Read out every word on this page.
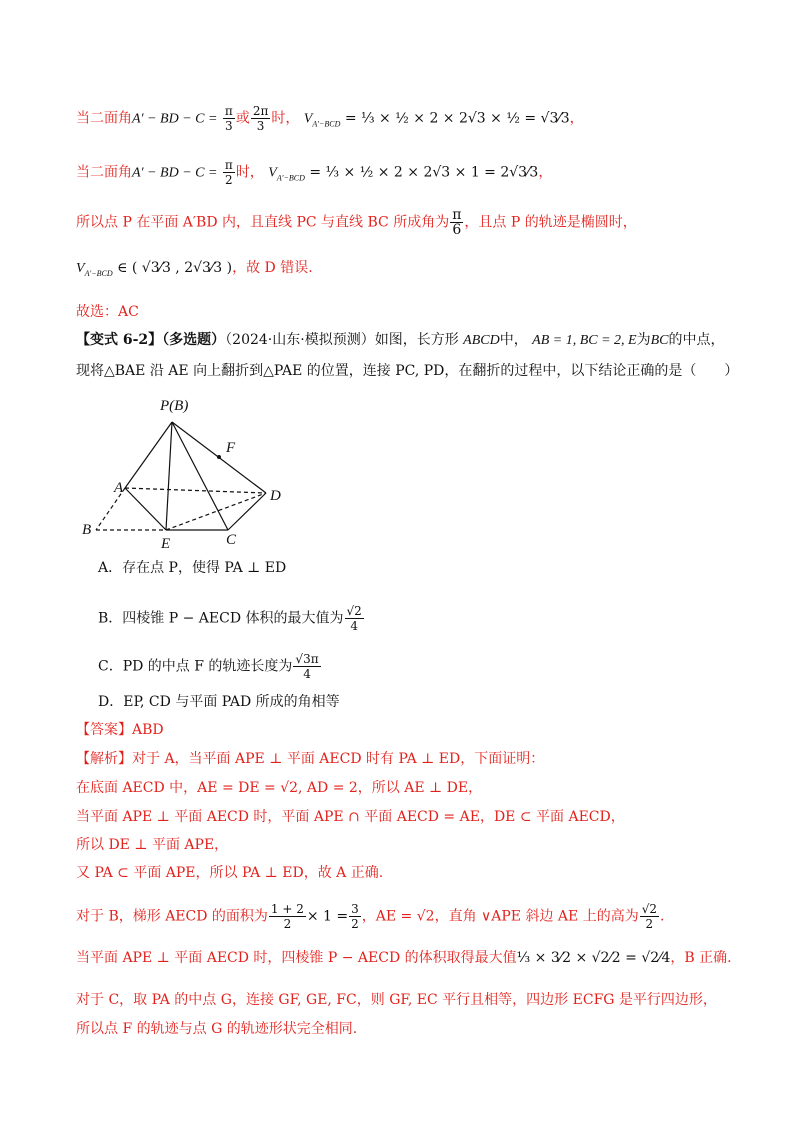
当二面角A′ − BD − $C = \frac{\pi}{3}$ 或 $\frac{2\pi}{3}$ 时， $V_{A'-BCD}$ = ⅓ × ½ × 2 × 2√3 × ½ = √3⁄3，
当二面角A′ − BD − $C = \frac{\pi}{2}$ 时， $V_{A'-BCD}$ = ⅓ × ½ × 2 × 2√3 × 1 = 2√3⁄3，
所以点 P 在平面 A′BD 内，且直线 PC 与直线 BC 所成角为 $\frac{\pi}{6}$ ，且点 P 的轨迹是椭圆时，
$V_{A'-BCD}$ ∈ ( √3⁄3 , 2√3⁄3 )，故 D 错误.
故选：AC
【变式 6-2】（多选题）（2024·山东·模拟预测）如图，长方形 ABCD中， AB = 1, BC = 2, E为BC的中点，
现将△BAE 沿 AE 向上翻折到△PAE 的位置，连接 PC, PD，在翻折的过程中，以下结论正确的是（　　）
P(B)
F
A	D
B
E	C
A．存在点 P，使得 PA ⊥ ED
B．四棱锥 P − AECD 体积的最大值为 $\frac{√2}{4}$
C．PD 的中点 F 的轨迹长度为 $\frac{√3\pi}{4}$
D．EP, CD 与平面 PAD 所成的角相等
【答案】ABD
【解析】对于 A，当平面 APE ⊥ 平面 AECD 时有 PA ⊥ ED，下面证明：
在底面 AECD 中，AE = DE = √2, AD = 2，所以 AE ⊥ DE，
当平面 APE ⊥ 平面 AECD 时，平面 APE ∩ 平面 AECD = AE，DE ⊂ 平面 AECD，
所以 DE ⊥ 平面 APE，
又 PA ⊂ 平面 APE，所以 PA ⊥ ED，故 A 正确.
对于 B，梯形 AECD 的面积为 $\frac{1 + 2}{2} \times 1 = \frac{3}{2}$ ，AE = √2，直角 ∨APE 斜边 AE 上的高为 $\frac{√2}{2}$ .
当平面 APE ⊥ 平面 AECD 时，四棱锥 P − AECD 的体积取得最大值⅓ × 3⁄2 × √2⁄2 = √2⁄4，B 正确.
对于 C，取 PA 的中点 G，连接 GF, GE, FC，则 GF, EC 平行且相等，四边形 ECFG 是平行四边形，
所以点 F 的轨迹与点 G 的轨迹形状完全相同.
